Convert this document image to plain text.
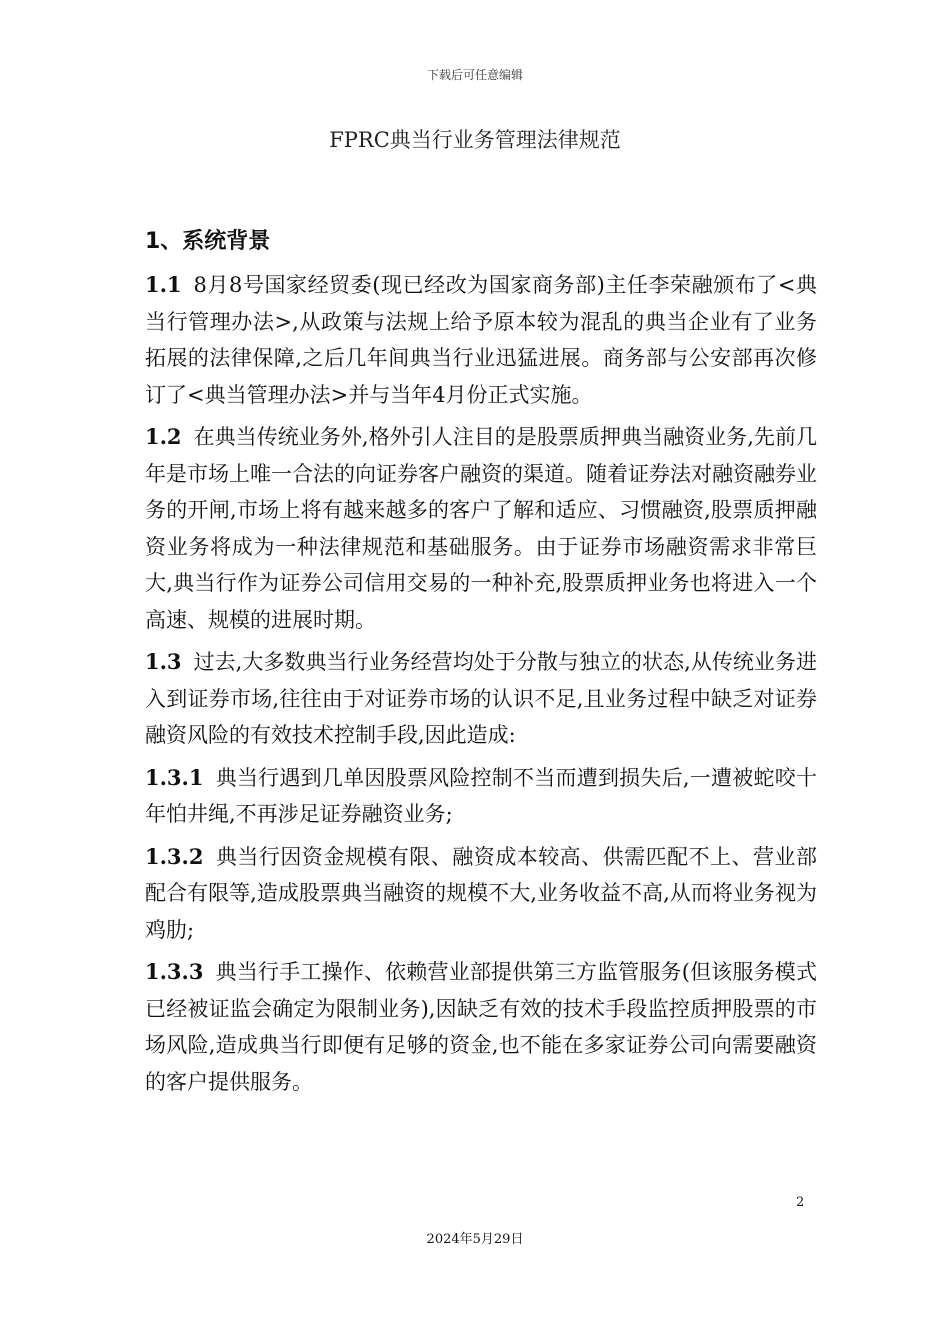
下载后可任意编辑
FPRC典当行业务管理法律规范
1、系统背景

1.1 8月8号国家经贸委(现已经改为国家商务部)主任李荣融颁布了<典当行管理办法>,从政策与法规上给予原本较为混乱的典当企业有了业务拓展的法律保障,之后几年间典当行业迅猛进展。商务部与公安部再次修订了<典当管理办法>并与当年4月份正式实施。

1.2 在典当传统业务外,格外引人注目的是股票质押典当融资业务,先前几年是市场上唯一合法的向证券客户融资的渠道。随着证券法对融资融券业务的开闸,市场上将有越来越多的客户了解和适应、习惯融资,股票质押融资业务将成为一种法律规范和基础服务。由于证券市场融资需求非常巨大,典当行作为证券公司信用交易的一种补充,股票质押业务也将进入一个高速、规模的进展时期。

1.3 过去,大多数典当行业务经营均处于分散与独立的状态,从传统业务进入到证券市场,往往由于对证券市场的认识不足,且业务过程中缺乏对证券融资风险的有效技术控制手段,因此造成:

1.3.1 典当行遇到几单因股票风险控制不当而遭到损失后,一遭被蛇咬十年怕井绳,不再涉足证券融资业务;

1.3.2 典当行因资金规模有限、融资成本较高、供需匹配不上、营业部配合有限等,造成股票典当融资的规模不大,业务收益不高,从而将业务视为鸡肋;

1.3.3 典当行手工操作、依赖营业部提供第三方监管服务(但该服务模式已经被证监会确定为限制业务),因缺乏有效的技术手段监控质押股票的市场风险,造成典当行即便有足够的资金,也不能在多家证券公司向需要融资的客户提供服务。

2
2024年5月29日
